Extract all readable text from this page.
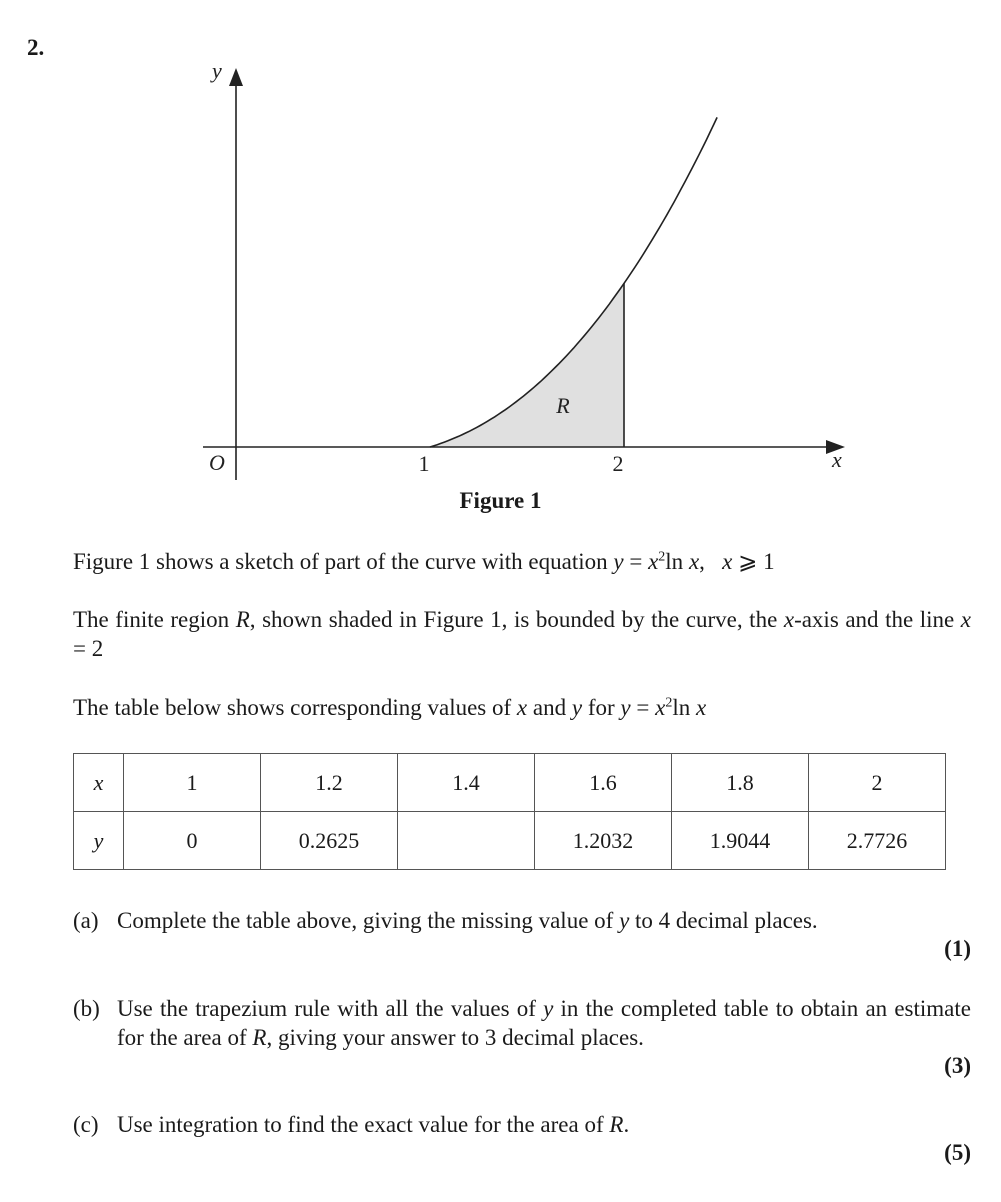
2.
y
x
O	1	2
R
Figure 1
Figure 1 shows a sketch of part of the curve with equation $y = x^2\ln$ x,   x ⩾ 1
The finite region R, shown shaded in Figure 1, is bounded by the curve, the x-axis and the line x = 2
The table below shows corresponding values of x and y for $y = x^2\ln$ x
x	1	1.2	1.4	1.6	1.8	2
y	0	0.2625		1.2032	1.9044	2.7726
(a) Complete the table above, giving the missing value of y to 4 decimal places.
(1)
(b) Use the trapezium rule with all the values of y in the completed table to obtain an estimate for the area of R, giving your answer to 3 decimal places.
(3)
(c) Use integration to find the exact value for the area of R.
(5)
